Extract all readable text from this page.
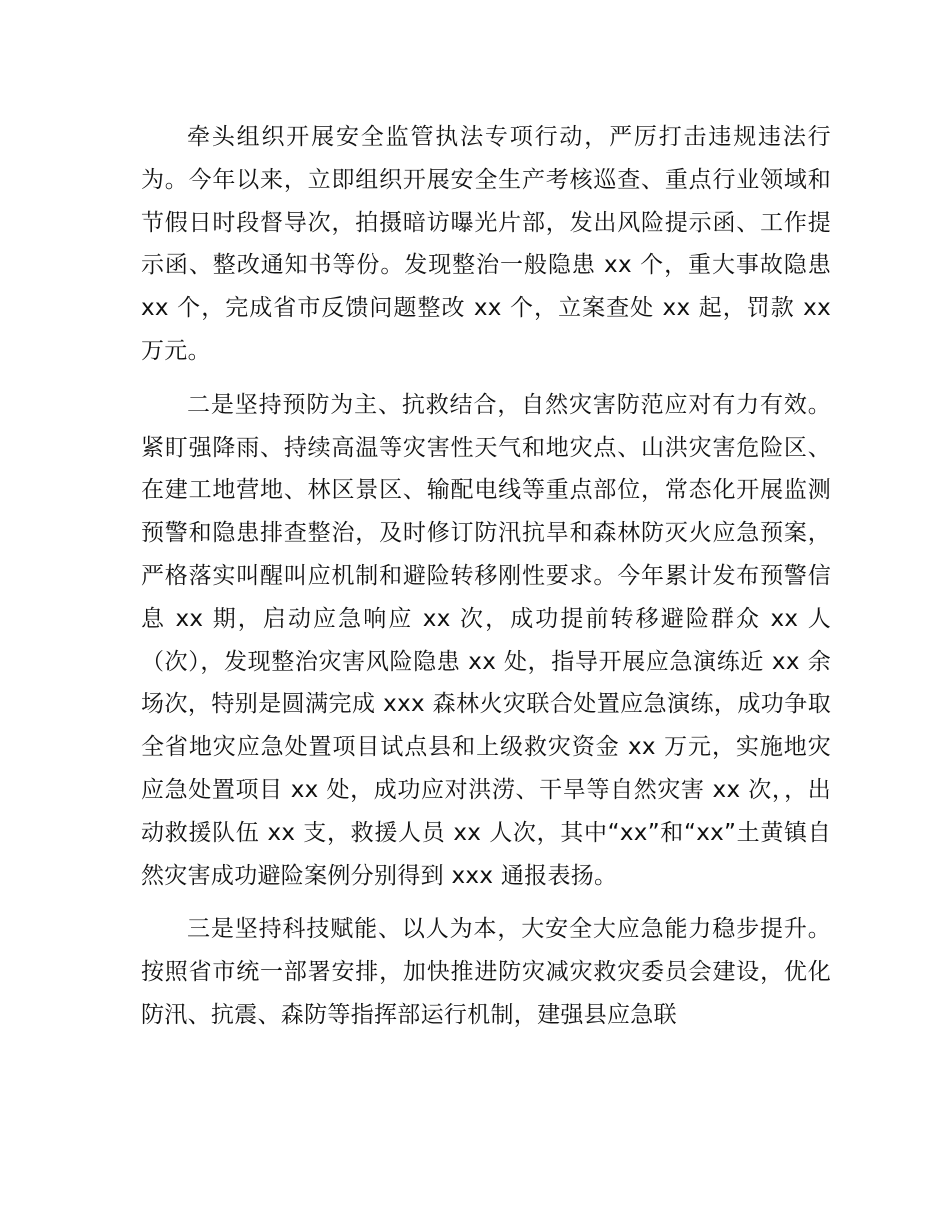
牵头组织开展安全监管执法专项行动，严厉打击违规违法行为。今年以来，立即组织开展安全生产考核巡查、重点行业领域和节假日时段督导次，拍摄暗访曝光片部，发出风险提示函、工作提示函、整改通知书等份。发现整治一般隐患 xx 个，重大事故隐患 xx 个，完成省市反馈问题整改 xx 个，立案查处 xx 起，罚款 xx 万元。

二是坚持预防为主、抗救结合，自然灾害防范应对有力有效。紧盯强降雨、持续高温等灾害性天气和地灾点、山洪灾害危险区、在建工地营地、林区景区、输配电线等重点部位，常态化开展监测预警和隐患排查整治，及时修订防汛抗旱和森林防灭火应急预案，严格落实叫醒叫应机制和避险转移刚性要求。今年累计发布预警信息 xx 期，启动应急响应 xx 次，成功提前转移避险群众 xx 人（次），发现整治灾害风险隐患 xx 处，指导开展应急演练近 xx 余场次，特别是圆满完成 xxx 森林火灾联合处置应急演练，成功争取全省地灾应急处置项目试点县和上级救灾资金 xx 万元，实施地灾应急处置项目 xx 处，成功应对洪涝、干旱等自然灾害 xx 次，，出动救援队伍 xx 支，救援人员 xx 人次，其中“xx”和“xx”土黄镇自然灾害成功避险案例分别得到 xxx 通报表扬。

三是坚持科技赋能、以人为本，大安全大应急能力稳步提升。按照省市统一部署安排，加快推进防灾减灾救灾委员会建设，优化防汛、抗震、森防等指挥部运行机制，建强县应急联
